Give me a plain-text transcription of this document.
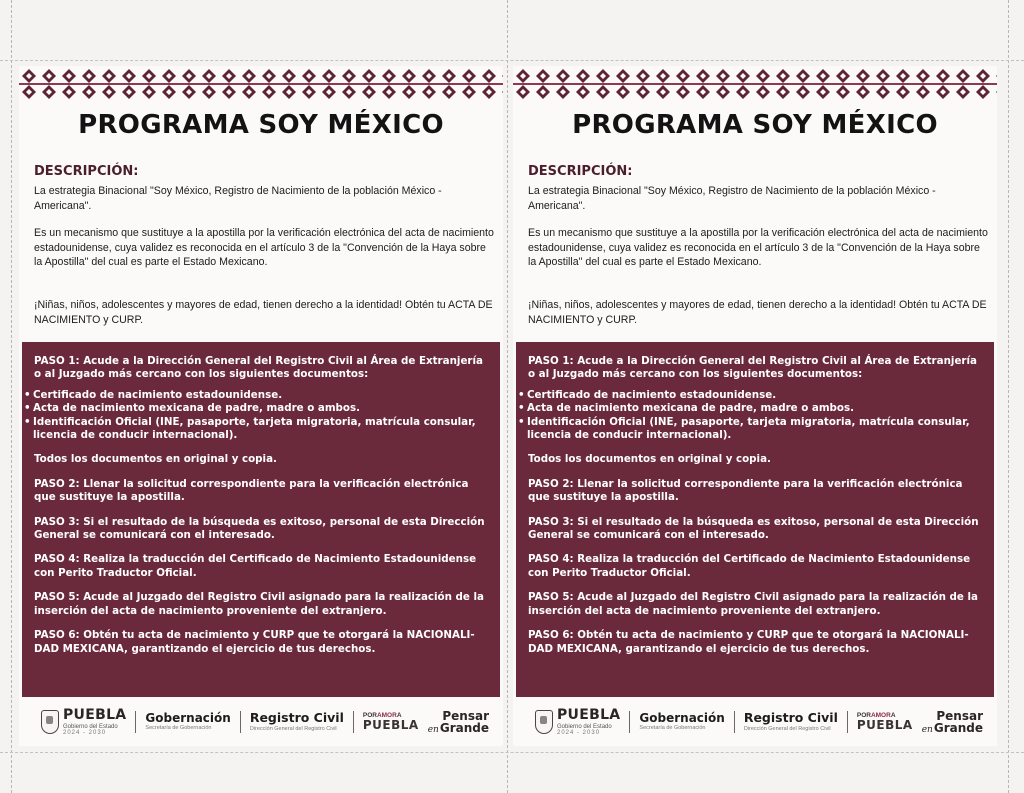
PROGRAMA SOY MÉXICO
DESCRIPCIÓN:
La estrategia Binacional "Soy México, Registro de Nacimiento de la población México - Americana".
Es un mecanismo que sustituye a la apostilla por la verificación electrónica del acta de nacimiento estadounidense, cuya validez es reconocida en el artículo 3 de la "Convención de la Haya sobre la Apostilla" del cual es parte el Estado Mexicano.
¡Niñas, niños, adolescentes y mayores de edad, tienen derecho a la identidad! Obtén tu ACTA DE NACIMIENTO y CURP.

PASO 1: Acude a la Dirección General del Registro Civil al Área de Extranjería o al Juzgado más cercano con los siguientes documentos:

• Certificado de nacimiento estadounidense.
• Acta de nacimiento mexicana de padre, madre o ambos.
• Identificación Oficial (INE, pasaporte, tarjeta migratoria, matrícula consular, licencia de conducir internacional).

Todos los documentos en original y copia.

PASO 2: Llenar la solicitud correspondiente para la verificación electrónica que sustituye la apostilla.

PASO 3: Si el resultado de la búsqueda es exitoso, personal de esta Dirección General se comunicará con el interesado.

PASO 4: Realiza la traducción del Certificado de Nacimiento Estadounidense con Perito Traductor Oficial.

PASO 5: Acude al Juzgado del Registro Civil asignado para la realización de la inserción del acta de nacimiento proveniente del extranjero.

PASO 6: Obtén tu acta de nacimiento y CURP que te otorgará la NACIONALI-DAD MEXICANA, garantizando el ejercicio de tus derechos.

PUEBLA
Gobierno del Estado
2024 - 2030
Gobernación
Secretaría de Gobernación
Registro Civil
Dirección General del Registro Civil
PORAMORA
PUEBLA
Pensar
enGrande
PROGRAMA SOY MÉXICO
DESCRIPCIÓN:
La estrategia Binacional "Soy México, Registro de Nacimiento de la población México - Americana".
Es un mecanismo que sustituye a la apostilla por la verificación electrónica del acta de nacimiento estadounidense, cuya validez es reconocida en el artículo 3 de la "Convención de la Haya sobre la Apostilla" del cual es parte el Estado Mexicano.
¡Niñas, niños, adolescentes y mayores de edad, tienen derecho a la identidad! Obtén tu ACTA DE NACIMIENTO y CURP.

PASO 1: Acude a la Dirección General del Registro Civil al Área de Extranjería o al Juzgado más cercano con los siguientes documentos:

• Certificado de nacimiento estadounidense.
• Acta de nacimiento mexicana de padre, madre o ambos.
• Identificación Oficial (INE, pasaporte, tarjeta migratoria, matrícula consular, licencia de conducir internacional).

Todos los documentos en original y copia.

PASO 2: Llenar la solicitud correspondiente para la verificación electrónica que sustituye la apostilla.

PASO 3: Si el resultado de la búsqueda es exitoso, personal de esta Dirección General se comunicará con el interesado.

PASO 4: Realiza la traducción del Certificado de Nacimiento Estadounidense con Perito Traductor Oficial.

PASO 5: Acude al Juzgado del Registro Civil asignado para la realización de la inserción del acta de nacimiento proveniente del extranjero.

PASO 6: Obtén tu acta de nacimiento y CURP que te otorgará la NACIONALI-DAD MEXICANA, garantizando el ejercicio de tus derechos.

PUEBLA
Gobierno del Estado
2024 - 2030
Gobernación
Secretaría de Gobernación
Registro Civil
Dirección General del Registro Civil
PORAMORA
PUEBLA
Pensar
enGrande
